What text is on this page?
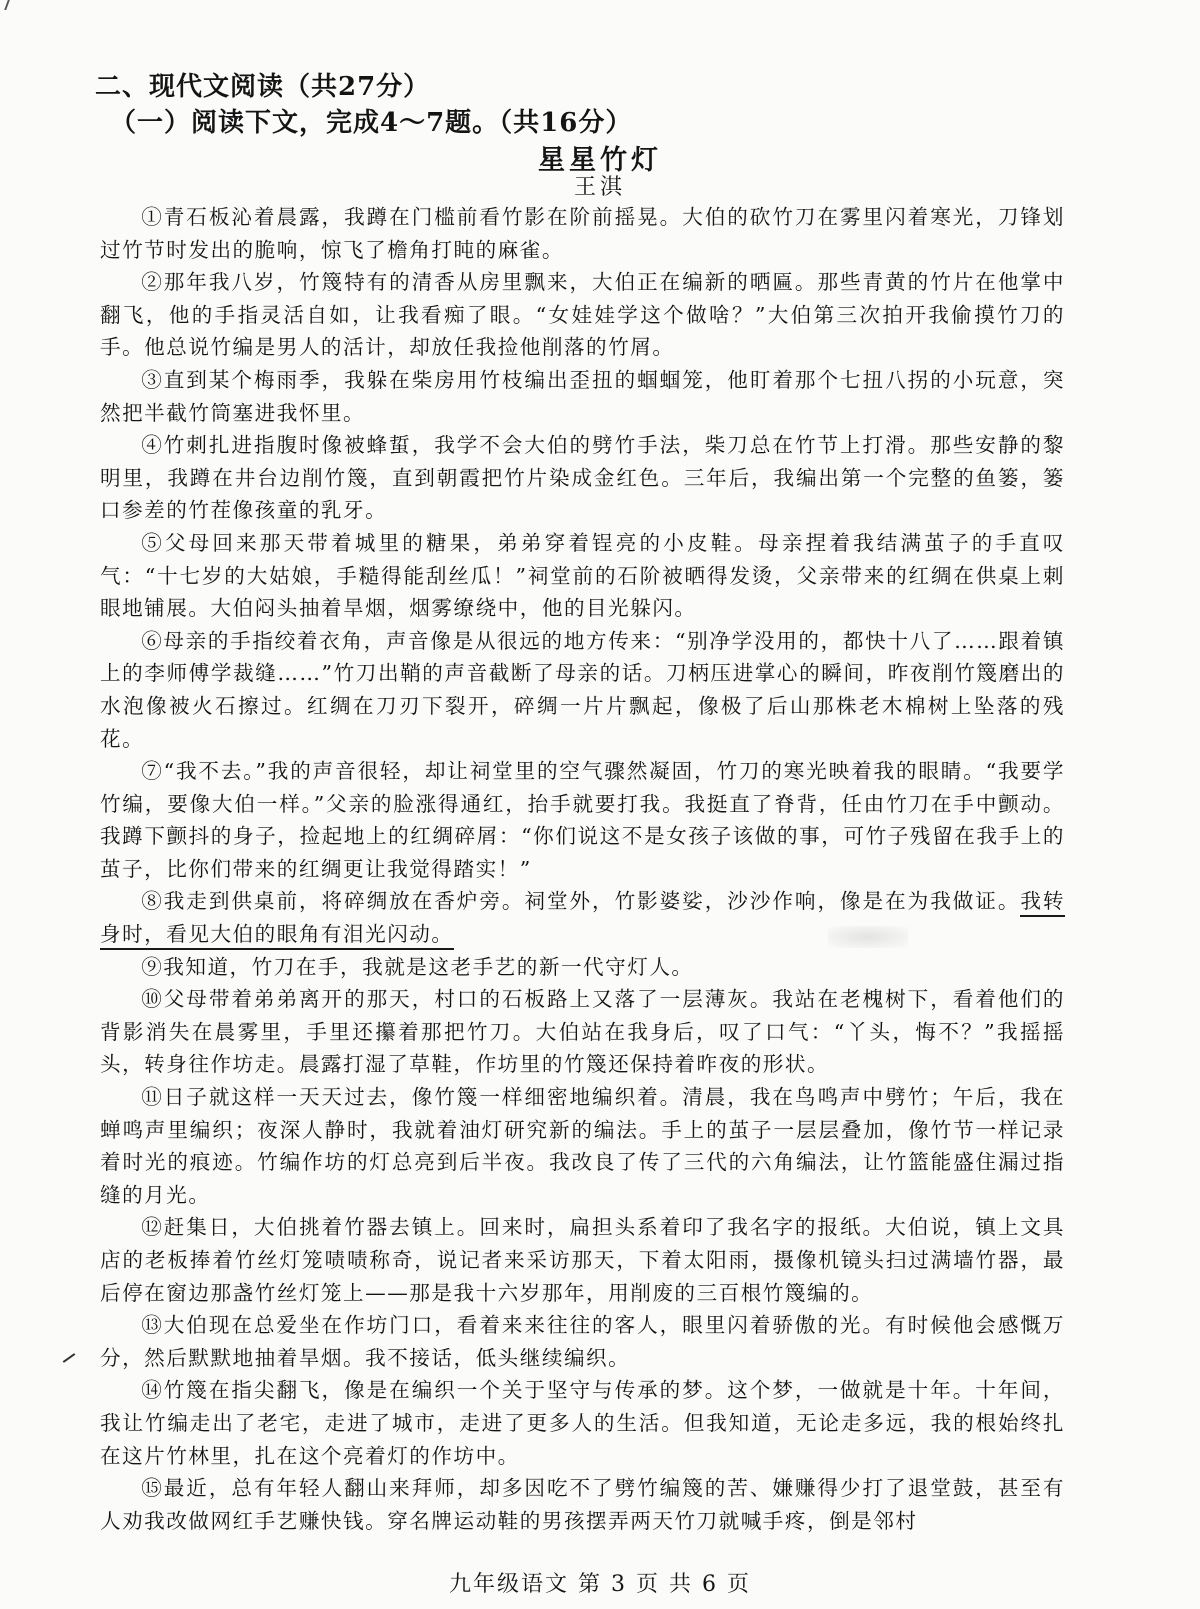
二、现代文阅读（共27分）
（一）阅读下文，完成4～7题。（共16分）
星星竹灯
王淇

①青石板沁着晨露，我蹲在门槛前看竹影在阶前摇晃。大伯的砍竹刀在雾里闪着寒光，刀锋划过竹节时发出的脆响，惊飞了檐角打盹的麻雀。

②那年我八岁，竹篾特有的清香从房里飘来，大伯正在编新的晒匾。那些青黄的竹片在他掌中翻飞，他的手指灵活自如，让我看痴了眼。“女娃娃学这个做啥？”大伯第三次拍开我偷摸竹刀的手。他总说竹编是男人的活计，却放任我捡他削落的竹屑。

③直到某个梅雨季，我躲在柴房用竹枝编出歪扭的蝈蝈笼，他盯着那个七扭八拐的小玩意，突然把半截竹筒塞进我怀里。

④竹刺扎进指腹时像被蜂蜇，我学不会大伯的劈竹手法，柴刀总在竹节上打滑。那些安静的黎明里，我蹲在井台边削竹篾，直到朝霞把竹片染成金红色。三年后，我编出第一个完整的鱼篓，篓口参差的竹茬像孩童的乳牙。

⑤父母回来那天带着城里的糖果，弟弟穿着锃亮的小皮鞋。母亲捏着我结满茧子的手直叹气：“十七岁的大姑娘，手糙得能刮丝瓜！”祠堂前的石阶被晒得发烫，父亲带来的红绸在供桌上刺眼地铺展。大伯闷头抽着旱烟，烟雾缭绕中，他的目光躲闪。

⑥母亲的手指绞着衣角，声音像是从很远的地方传来：“别净学没用的，都快十八了……跟着镇上的李师傅学裁缝……”竹刀出鞘的声音截断了母亲的话。刀柄压进掌心的瞬间，昨夜削竹篾磨出的水泡像被火石擦过。红绸在刀刃下裂开，碎绸一片片飘起，像极了后山那株老木棉树上坠落的残花。

⑦“我不去。”我的声音很轻，却让祠堂里的空气骤然凝固，竹刀的寒光映着我的眼睛。“我要学竹编，要像大伯一样。”父亲的脸涨得通红，抬手就要打我。我挺直了脊背，任由竹刀在手中颤动。我蹲下颤抖的身子，捡起地上的红绸碎屑：“你们说这不是女孩子该做的事，可竹子残留在我手上的茧子，比你们带来的红绸更让我觉得踏实！”

⑧我走到供桌前，将碎绸放在香炉旁。祠堂外，竹影婆娑，沙沙作响，像是在为我做证。我转身时，看见大伯的眼角有泪光闪动。

⑨我知道，竹刀在手，我就是这老手艺的新一代守灯人。

⑩父母带着弟弟离开的那天，村口的石板路上又落了一层薄灰。我站在老槐树下，看着他们的背影消失在晨雾里，手里还攥着那把竹刀。大伯站在我身后，叹了口气：“丫头，悔不？”我摇摇头，转身往作坊走。晨露打湿了草鞋，作坊里的竹篾还保持着昨夜的形状。

⑪日子就这样一天天过去，像竹篾一样细密地编织着。清晨，我在鸟鸣声中劈竹；午后，我在蝉鸣声里编织；夜深人静时，我就着油灯研究新的编法。手上的茧子一层层叠加，像竹节一样记录着时光的痕迹。竹编作坊的灯总亮到后半夜。我改良了传了三代的六角编法，让竹篮能盛住漏过指缝的月光。

⑫赶集日，大伯挑着竹器去镇上。回来时，扁担头系着印了我名字的报纸。大伯说，镇上文具店的老板捧着竹丝灯笼啧啧称奇，说记者来采访那天，下着太阳雨，摄像机镜头扫过满墙竹器，最后停在窗边那盏竹丝灯笼上——那是我十六岁那年，用削废的三百根竹篾编的。

⑬大伯现在总爱坐在作坊门口，看着来来往往的客人，眼里闪着骄傲的光。有时候他会感慨万分，然后默默地抽着旱烟。我不接话，低头继续编织。

⑭竹篾在指尖翻飞，像是在编织一个关于坚守与传承的梦。这个梦，一做就是十年。十年间，我让竹编走出了老宅，走进了城市，走进了更多人的生活。但我知道，无论走多远，我的根始终扎在这片竹林里，扎在这个亮着灯的作坊中。

⑮最近，总有年轻人翻山来拜师，却多因吃不了劈竹编篾的苦、嫌赚得少打了退堂鼓，甚至有人劝我改做网红手艺赚快钱。穿名牌运动鞋的男孩摆弄两天竹刀就喊手疼，倒是邻村

九年级语文 第 3 页 共 6 页
